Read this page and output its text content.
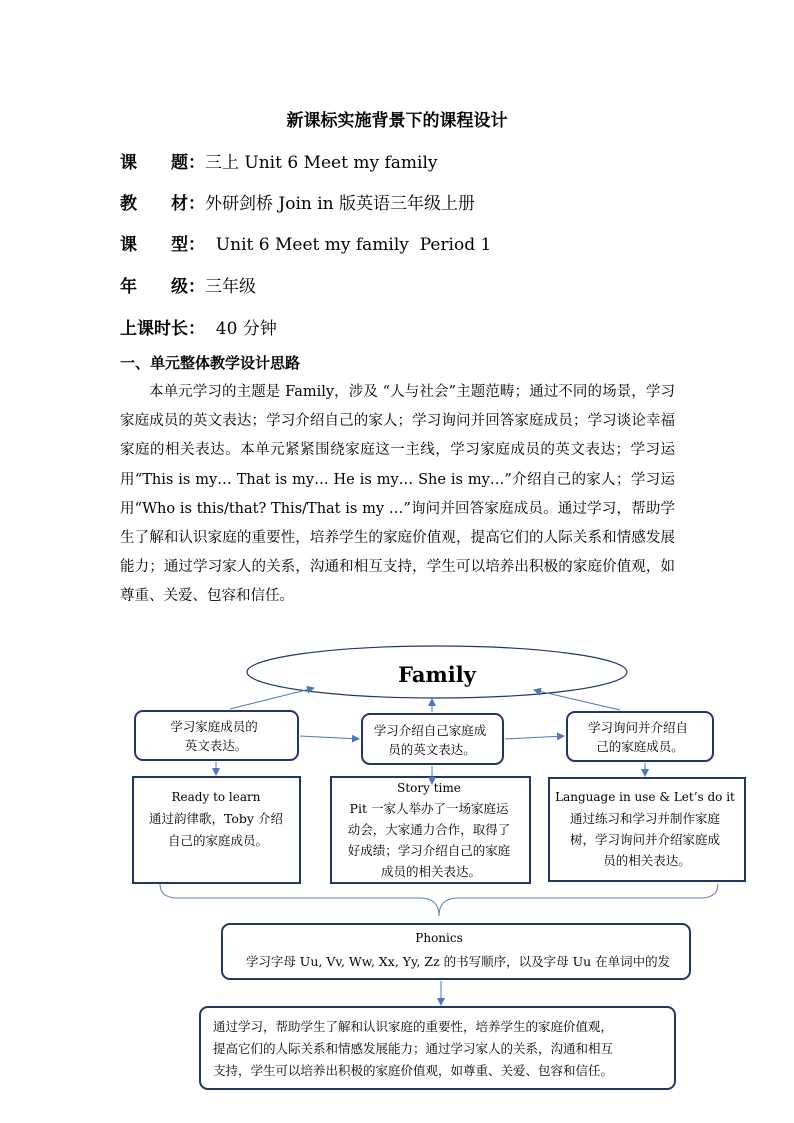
新课标实施背景下的课程设计
课　　题：三上 Unit 6 Meet my family
教　　材：外研剑桥 Join in 版英语三年级上册
课　　型：  Unit 6 Meet my family  Period 1
年　　级：三年级
上课时长：  40 分钟
一、单元整体教学设计思路
本单元学习的主题是 Family，涉及 “人与社会”主题范畴；通过不同的场景，学习家庭成员的英文表达；学习介绍自己的家人；学习询问并回答家庭成员；学习谈论幸福家庭的相关表达。本单元紧紧围绕家庭这一主线，学习家庭成员的英文表达；学习运用“This is my… That is my… He is my… She is my…”介绍自己的家人；学习运用“Who is this/that? This/That is my …”询问并回答家庭成员。通过学习，帮助学生了解和认识家庭的重要性，培养学生的家庭价值观，提高它们的人际关系和情感发展能力；通过学习家人的关系，沟通和相互支持，学生可以培养出积极的家庭价值观，如尊重、关爱、包容和信任。
Family
学习家庭成员的 英文表达。
学习介绍自己家庭成 员的英文表达。
学习询问并介绍自 己的家庭成员。
Ready to learn 通过韵律歌，Toby 介绍 自己的家庭成员。
Story time Pit 一家人举办了一场家庭运 动会，大家通力合作，取得了 好成绩；学习介绍自己的家庭 成员的相关表达。
Language in use & Let’s do it 通过练习和学习并制作家庭 树，学习询问并介绍家庭成 员的相关表达。
Phonics 学习字母 Uu, Vv, Ww, Xx, Yy, Zz 的书写顺序，以及字母 Uu 在单词中的发
通过学习，帮助学生了解和认识家庭的重要性，培养学生的家庭价值观， 提高它们的人际关系和情感发展能力；通过学习家人的关系，沟通和相互 支持，学生可以培养出积极的家庭价值观，如尊重、关爱、包容和信任。
